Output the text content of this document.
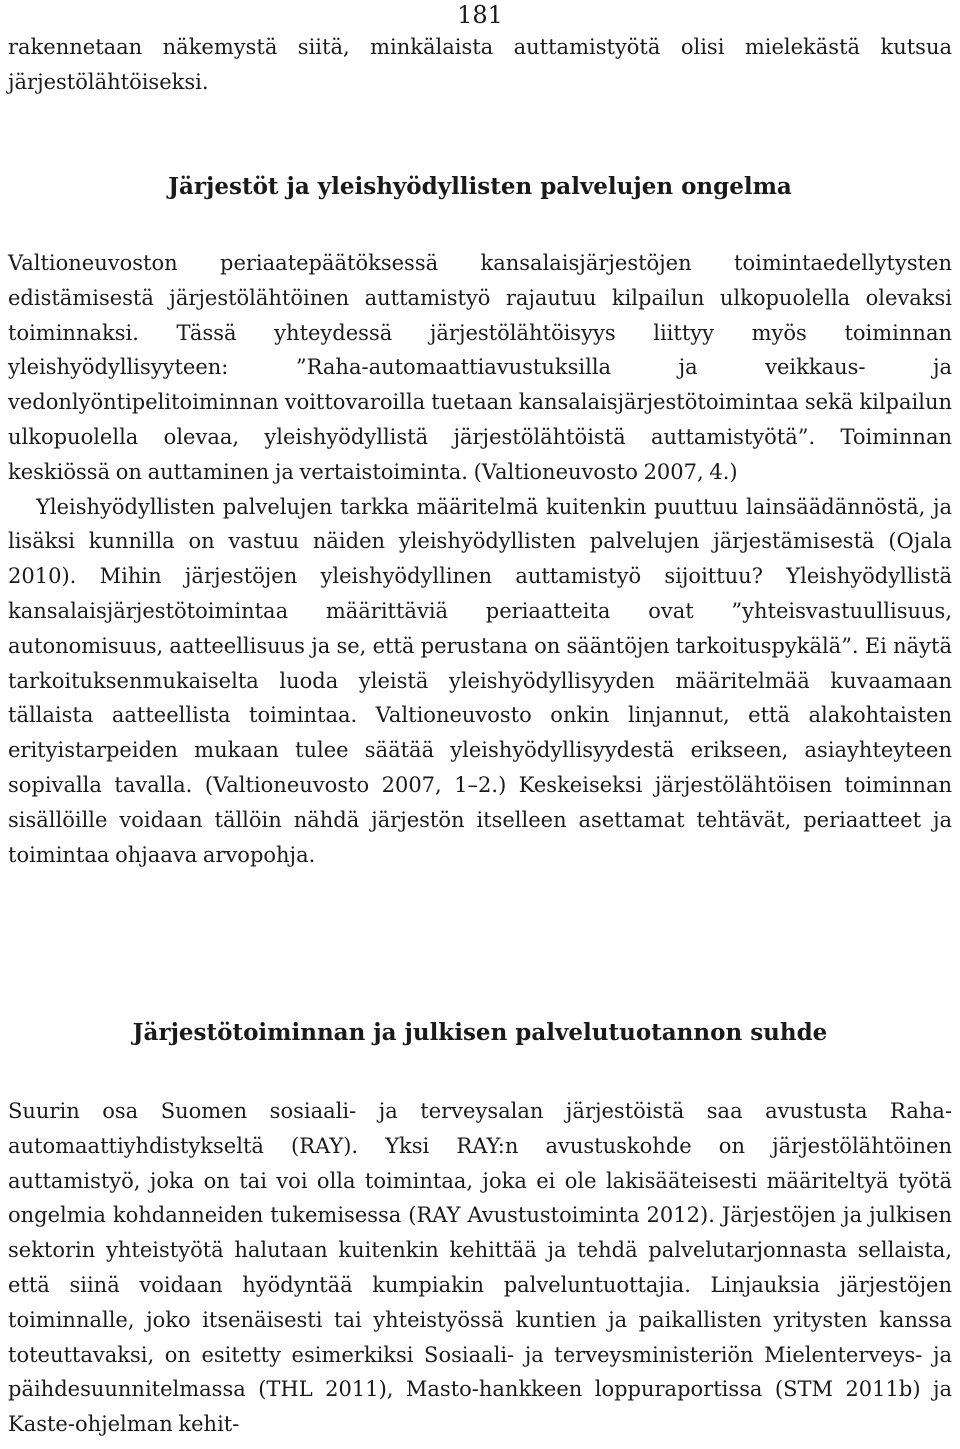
181

rakennetaan näkemystä siitä, minkälaista auttamistyötä olisi mielekästä kutsua järjestölähtöiseksi.

Järjestöt ja yleishyödyllisten palvelujen ongelma

Valtioneuvoston periaatepäätöksessä kansalaisjärjestöjen toimintaedellytysten edistämisestä järjestölähtöinen auttamistyö rajautuu kilpailun ulkopuolella olevaksi toiminnaksi. Tässä yhteydessä järjestölähtöisyys liittyy myös toiminnan yleishyödyllisyyteen: ”Raha-automaattiavustuksilla ja veikkaus- ja vedonlyöntipelitoiminnan voittovaroilla tuetaan kansalaisjärjestötoimintaa sekä kilpailun ulkopuolella olevaa, yleishyödyllistä järjestölähtöistä auttamistyötä”. Toiminnan keskiössä on auttaminen ja vertaistoiminta. (Valtioneuvosto 2007, 4.)

Yleishyödyllisten palvelujen tarkka määritelmä kuitenkin puuttuu lainsäädännöstä, ja lisäksi kunnilla on vastuu näiden yleishyödyllisten palvelujen järjestämisestä (Ojala 2010). Mihin järjestöjen yleishyödyllinen auttamistyö sijoittuu? Yleishyödyllistä kansalaisjärjestötoimintaa määrittäviä periaatteita ovat ”yhteisvastuullisuus, autonomisuus, aatteellisuus ja se, että perustana on sääntöjen tarkoituspykälä”. Ei näytä tarkoituksenmukaiselta luoda yleistä yleishyödyllisyyden määritelmää kuvaamaan tällaista aatteellista toimintaa. Valtioneuvosto onkin linjannut, että alakohtaisten erityistarpeiden mukaan tulee säätää yleishyödyllisyydestä erikseen, asiayhteyteen sopivalla tavalla. (Valtioneuvosto 2007, 1–2.) Keskeiseksi järjestölähtöisen toiminnan sisällöille voidaan tällöin nähdä järjestön itselleen asettamat tehtävät, periaatteet ja toimintaa ohjaava arvopohja.

Järjestötoiminnan ja julkisen palvelutuotannon suhde

Suurin osa Suomen sosiaali- ja terveysalan järjestöistä saa avustusta Raha-automaattiyhdistykseltä (RAY). Yksi RAY:n avustuskohde on järjestölähtöinen auttamistyö, joka on tai voi olla toimintaa, joka ei ole lakisääteisesti määriteltyä työtä ongelmia kohdanneiden tukemisessa (RAY Avustustoiminta 2012). Järjestöjen ja julkisen sektorin yhteistyötä halutaan kuitenkin kehittää ja tehdä palvelutarjonnasta sellaista, että siinä voidaan hyödyntää kumpiakin palveluntuottajia. Linjauksia järjestöjen toiminnalle, joko itsenäisesti tai yhteistyössä kuntien ja paikallisten yritysten kanssa toteuttavaksi, on esitetty esimerkiksi Sosiaali- ja terveysministeriön Mielenterveys- ja päihdesuunnitelmassa (THL 2011), Masto-hankkeen loppuraportissa (STM 2011b) ja Kaste-ohjelman kehit-
